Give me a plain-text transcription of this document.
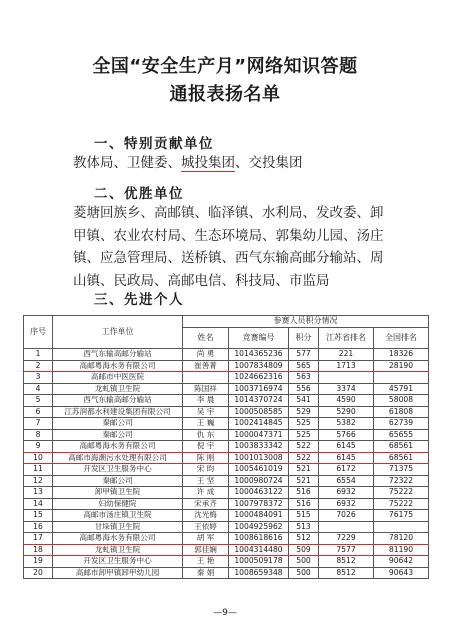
全国“安全生产月”网络知识答题
通报表扬名单
一、特别贡献单位

教体局、卫健委、城投集团、交投集团

二、优胜单位

菱塘回族乡、高邮镇、临泽镇、水利局、发改委、卸甲镇、农业农村局、生态环境局、郭集幼儿园、汤庄镇、应急管理局、送桥镇、西气东输高邮分输站、周山镇、民政局、高邮电信、科技局、市监局

三、先进个人
序号	工作单位	参赛人员积分情况				
		姓名	竞赛编号	积分	江苏省排名	全国排名
1	西气东输高邮分输站	尚 勇	1014365236	577	221	18326
2	高邮粤海水务有限公司	崔善菁	1007834809	565	1713	28190
3	高邮市中医医院		1024662316	563		
4	龙虬镇卫生院	陈国祥	1003716974	556	3374	45791
5	西气东输高邮分输站	李 晨	1014370724	541	4590	58008
6	江苏润都水利建设集团有限公司	吴 宇	1000508585	529	5290	61808
7	秦邮公司	王 巍	1002414845	525	5382	62739
8	秦邮公司	仇 东	1000047371	525	5766	65655
9	高邮粤海水务有限公司	倪 宇	1003833342	522	6145	68561
10	高邮市海潮污水处理有限公司	陈 刚	1001013008	522	6145	68561
11	开发区卫生服务中心	宋 昀	1005461019	521	6172	71375
12	秦邮公司	王 坚	1000980724	521	6554	72322
13	卸甲镇卫生院	许 成	1000463122	516	6932	75222
14	妇幼保健院	宋承齐	1007978372	516	6932	75222
15	高邮市汤庄镇卫生院	沈光梅	1000484091	515	7026	76175
16	甘垛镇卫生院	王依婷	1004925962	513		
17	高邮粤海水务有限公司	胡 军	1008618616	512	7229	78120
18	龙虬镇卫生院	郭佳娴	1004314480	509	7577	81190
19	开发区卫生服务中心	王 艳	1000509178	500	8512	90642
20	高邮市卸甲镇卸甲幼儿园	秦 娟	1008659348	500	8512	90643
—9—
